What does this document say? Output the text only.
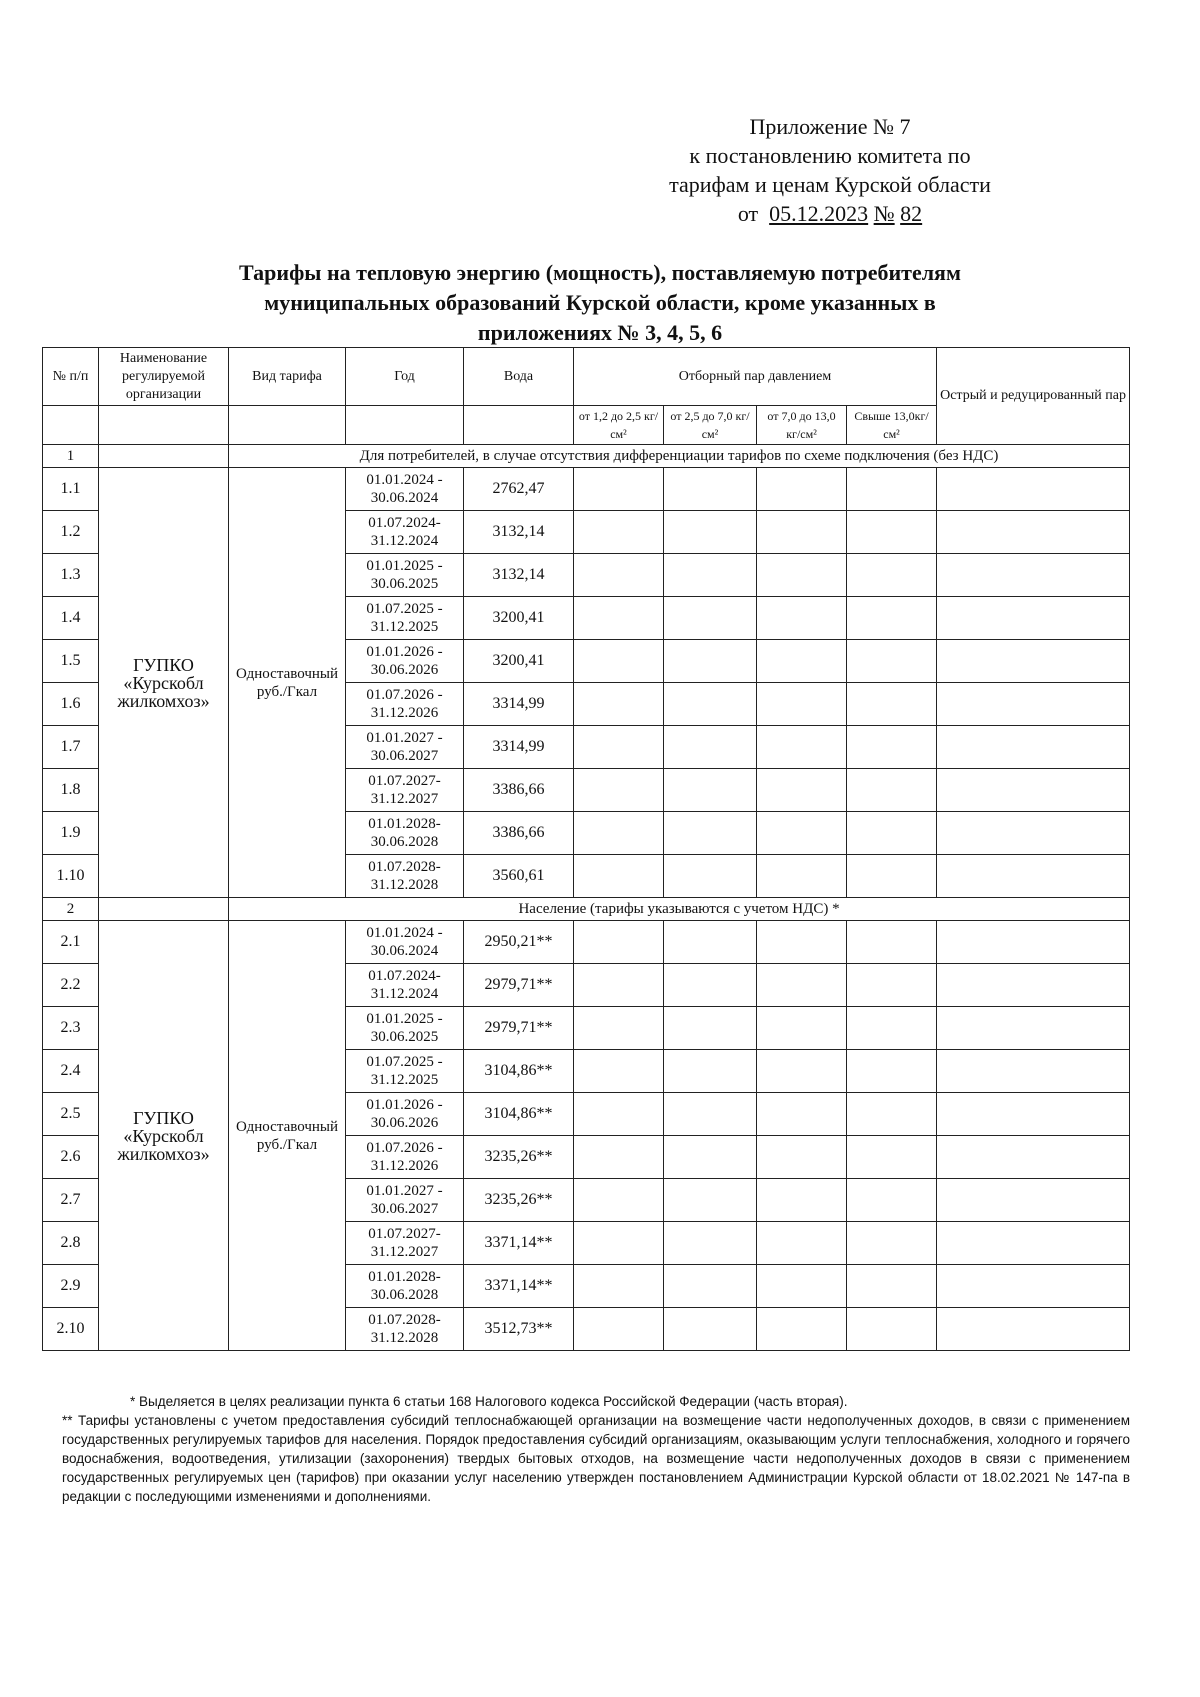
Приложение № 7
к постановлению комитета по
тарифам и ценам Курской области
от 05.12.2023 № 82
Тарифы на тепловую энергию (мощность), поставляемую потребителям
муниципальных образований Курской области, кроме указанных в
приложениях № 3, 4, 5, 6
№ п/п	Наименование регулируемой организации	Вид тарифа	Год	Вода	Отборный пар давлением				Острый и редуцированный пар
					от 1,2 до 2,5 кг/см²	от 2,5 до 7,0 кг/см²	от 7,0 до 13,0 кг/см²	Свыше 13,0кг/см²	
1		Для потребителей, в случае отсутствия дифференциации тарифов по схеме подключения (без НДС)							
1.1	ГУПКО «Курскобл жилкомхоз»	Одноставочный руб./Гкал	01.01.2024 - 30.06.2024	2762,47					
1.2			01.07.2024- 31.12.2024	3132,14					
1.3			01.01.2025 - 30.06.2025	3132,14					
1.4			01.07.2025 - 31.12.2025	3200,41					
1.5			01.01.2026 - 30.06.2026	3200,41					
1.6			01.07.2026 - 31.12.2026	3314,99					
1.7			01.01.2027 - 30.06.2027	3314,99					
1.8			01.07.2027- 31.12.2027	3386,66					
1.9			01.01.2028- 30.06.2028	3386,66					
1.10			01.07.2028- 31.12.2028	3560,61					
2		Население (тарифы указываются с учетом НДС) *							
2.1	ГУПКО «Курскобл жилкомхоз»	Одноставочный руб./Гкал	01.01.2024 - 30.06.2024	2950,21**					
2.2			01.07.2024- 31.12.2024	2979,71**					
2.3			01.01.2025 - 30.06.2025	2979,71**					
2.4			01.07.2025 - 31.12.2025	3104,86**					
2.5			01.01.2026 - 30.06.2026	3104,86**					
2.6			01.07.2026 - 31.12.2026	3235,26**					
2.7			01.01.2027 - 30.06.2027	3235,26**					
2.8			01.07.2027- 31.12.2027	3371,14**					
2.9			01.01.2028- 30.06.2028	3371,14**					
2.10			01.07.2028- 31.12.2028	3512,73**					

* Выделяется в целях реализации пункта 6 статьи 168 Налогового кодекса Российской Федерации (часть вторая).

** Тарифы установлены с учетом предоставления субсидий теплоснабжающей организации на возмещение части недополученных доходов, в связи с применением государственных регулируемых тарифов для населения. Порядок предоставления субсидий организациям, оказывающим услуги теплоснабжения, холодного и горячего водоснабжения, водоотведения, утилизации (захоронения) твердых бытовых отходов, на возмещение части недополученных доходов в связи с применением государственных регулируемых цен (тарифов) при оказании услуг населению утвержден постановлением Администрации Курской области от 18.02.2021 № 147-па в редакции с последующими изменениями и дополнениями.
